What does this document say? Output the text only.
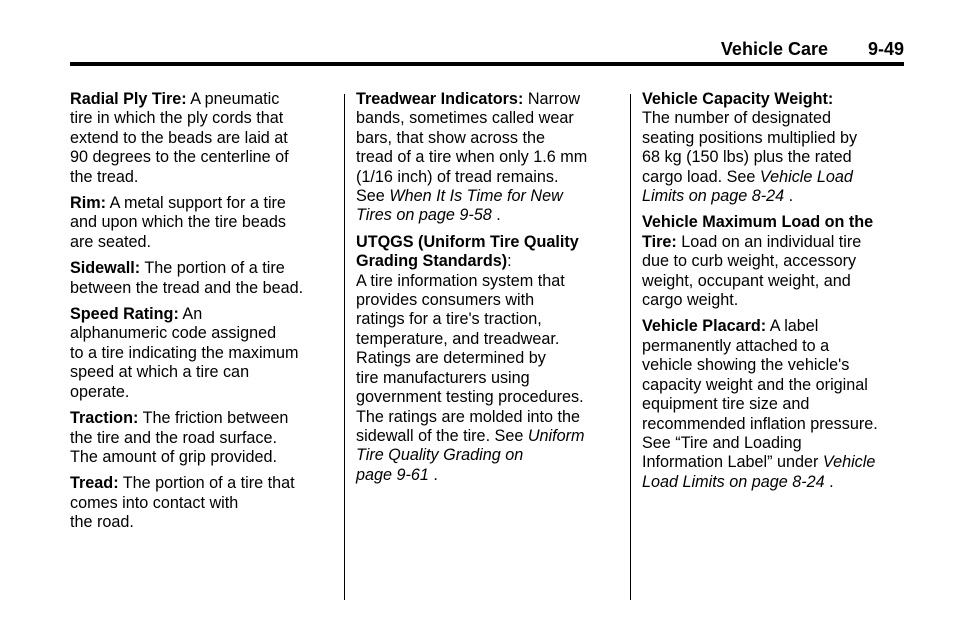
Vehicle Care 9-49

Radial Ply Tire: A pneumatic
tire in which the ply cords that
extend to the beads are laid at
90 degrees to the centerline of
the tread.

Rim: A metal support for a tire
and upon which the tire beads
are seated.

Sidewall: The portion of a tire
between the tread and the bead.

Speed Rating: An
alphanumeric code assigned
to a tire indicating the maximum
speed at which a tire can
operate.

Traction: The friction between
the tire and the road surface.
The amount of grip provided.

Tread: The portion of a tire that
comes into contact with
the road.

Treadwear Indicators: Narrow
bands, sometimes called wear
bars, that show across the
tread of a tire when only 1.6 mm
(1/16 inch) of tread remains.
See When It Is Time for New
Tires on page 9-58 .

UTQGS (Uniform Tire Quality
Grading Standards):
A tire information system that
provides consumers with
ratings for a tire's traction,
temperature, and treadwear.
Ratings are determined by
tire manufacturers using
government testing procedures.
The ratings are molded into the
sidewall of the tire. See Uniform
Tire Quality Grading on
page 9-61 .

Vehicle Capacity Weight:
The number of designated
seating positions multiplied by
68 kg (150 lbs) plus the rated
cargo load. See Vehicle Load
Limits on page 8-24 .

Vehicle Maximum Load on the
Tire: Load on an individual tire
due to curb weight, accessory
weight, occupant weight, and
cargo weight.

Vehicle Placard: A label
permanently attached to a
vehicle showing the vehicle's
capacity weight and the original
equipment tire size and
recommended inflation pressure.
See “Tire and Loading
Information Label” under Vehicle
Load Limits on page 8-24 .
